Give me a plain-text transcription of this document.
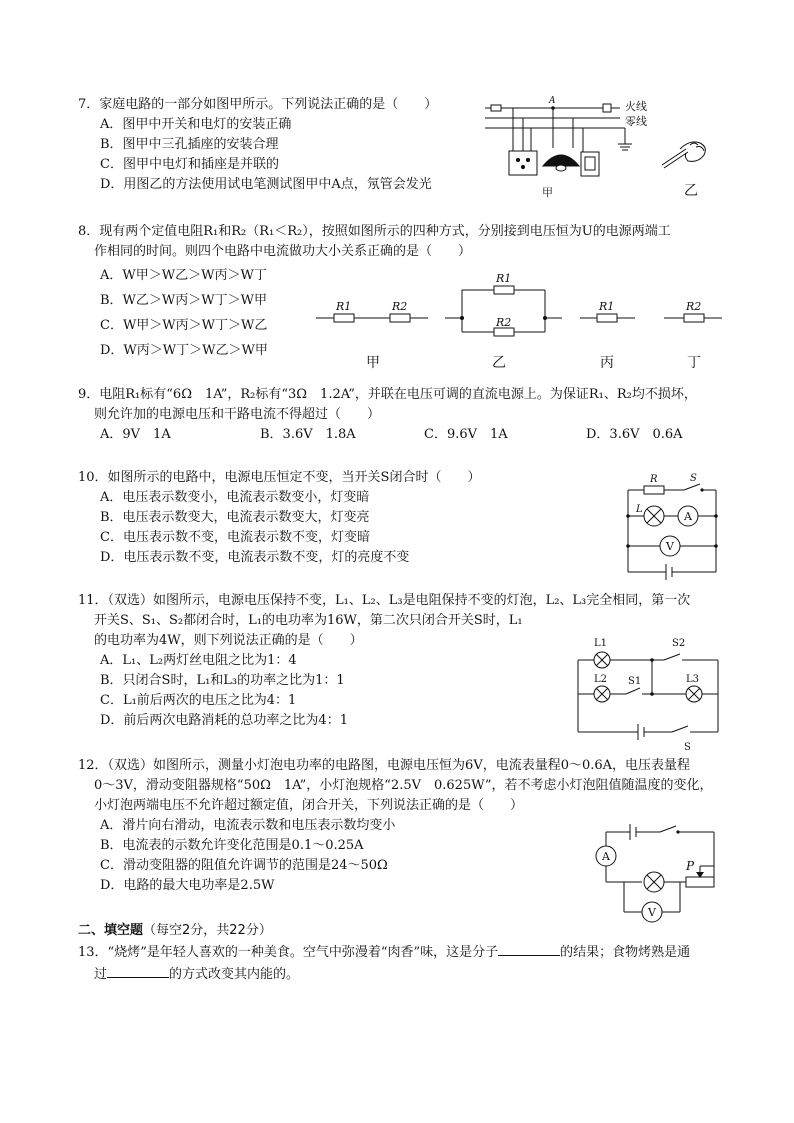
7．家庭电路的一部分如图甲所示。下列说法正确的是（　　）
A．图甲中开关和电灯的安装正确
B．图甲中三孔插座的安装合理
C．图甲中电灯和插座是并联的
D．用图乙的方法使用试电笔测试图甲中A点，氖管会发光
A	火线
零线
甲	乙
8．现有两个定值电阻R₁和R₂（R₁＜R₂），按照如图所示的四种方式，分别接到电压恒为U的电源两端工
作相同的时间。则四个电路中电流做功大小关系正确的是（　　）
A．W甲＞W乙＞W丙＞W丁
B．W乙＞W丙＞W丁＞W甲
C．W甲＞W丙＞W丁＞W乙
D．W丙＞W丁＞W乙＞W甲
R1	R2
R1
R2
R1	R2
甲	乙	丙	丁
9．电阻R₁标有“6Ω　1A”，R₂标有“3Ω　1.2A”，并联在电压可调的直流电源上。为保证R₁、R₂均不损坏，
则允许加的电源电压和干路电流不得超过（　　）
A．9V　1A	B．3.6V　1.8A	C．9.6V　1A	D．3.6V　0.6A
10．如图所示的电路中，电源电压恒定不变，当开关S闭合时（　　）
A．电压表示数变小，电流表示数变小，灯变暗
B．电压表示数变大，电流表示数变大，灯变亮
C．电压表示数不变，电流表示数不变，灯变暗
D．电压表示数不变，电流表示数不变，灯的亮度不变
R	S
L
A
V
11．（双选）如图所示，电源电压保持不变，L₁、L₂、L₃是电阻保持不变的灯泡，L₂、L₃完全相同，第一次
开关S、S₁、S₂都闭合时，L₁的电功率为16W，第二次只闭合开关S时，L₁
的电功率为4W，则下列说法正确的是（　　）
A．L₁、L₂两灯丝电阻之比为1：4
B．只闭合S时，L₁和L₃的功率之比为1：1
C．L₁前后两次的电压之比为4：1
D．前后两次电路消耗的总功率之比为4：1
L1	S2
L2 S1	L3
S
12．（双选）如图所示，测量小灯泡电功率的电路图，电源电压恒为6V，电流表量程0～0.6A，电压表量程
0～3V，滑动变阻器规格“50Ω　1A”，小灯泡规格“2.5V　0.625W”，若不考虑小灯泡阻值随温度的变化，
小灯泡两端电压不允许超过额定值，闭合开关，下列说法正确的是（　　）
A．滑片向右滑动，电流表示数和电压表示数均变小
B．电流表的示数允许变化范围是0.1～0.25A
C．滑动变阻器的阻值允许调节的范围是24～50Ω
D．电路的最大电功率是2.5W
A
V
P
二、填空题（每空2分，共22分）
13．“烧烤”是年轻人喜欢的一种美食。空气中弥漫着“肉香”味，这是分子	的结果；食物烤熟是通
过	的方式改变其内能的。
